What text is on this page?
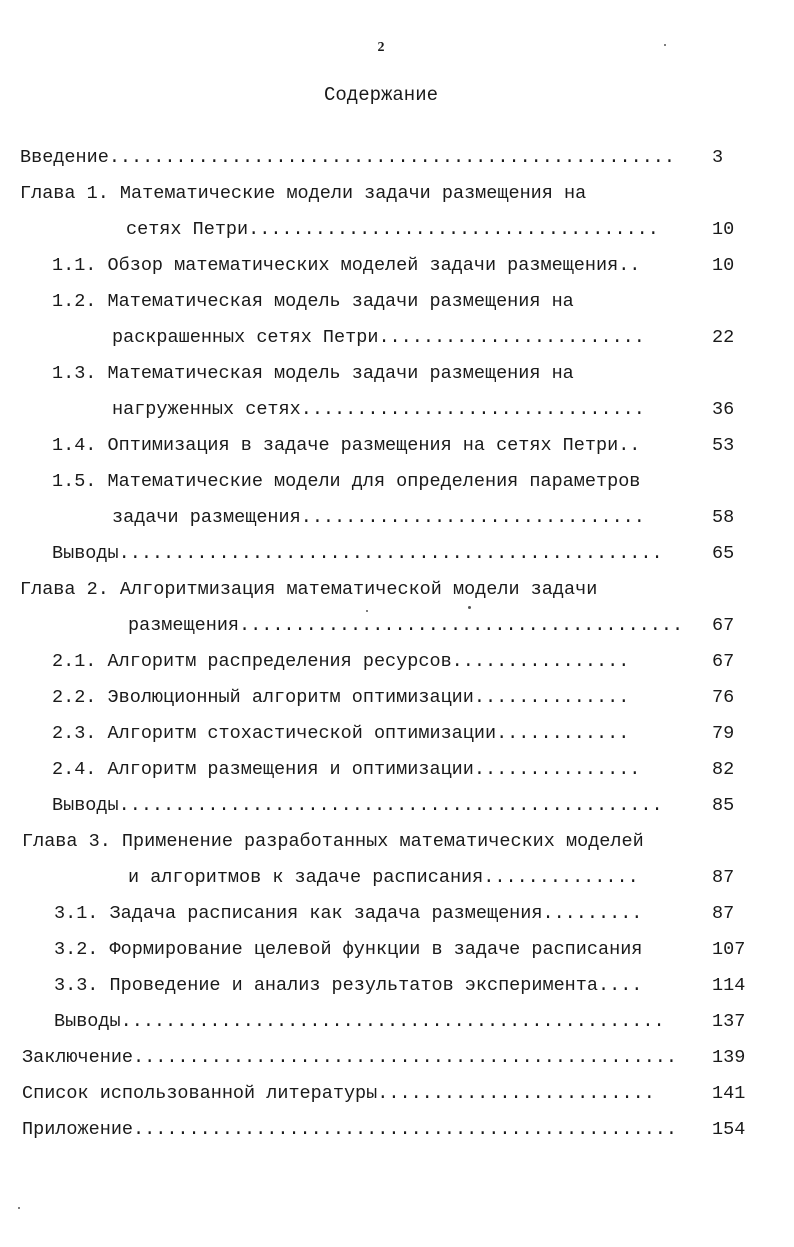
2
Содержание
Введение...................................................	3
Глава 1. Математические модели задачи размещения на
сетях Петри.....................................	10
1.1. Обзор математических моделей задачи размещения..	10
1.2. Математическая модель задачи размещения на
раскрашенных сетях Петри........................	22
1.3. Математическая модель задачи размещения на
нагруженных сетях...............................	36
1.4. Оптимизация в задаче размещения на сетях Петри..	53
1.5. Математические модели для определения параметров
задачи размещения...............................	58
Выводы.................................................	65
Глава 2. Алгоритмизация математической модели задачи
размещения........................................	67
2.1. Алгоритм распределения ресурсов................	67
2.2. Эволюционный алгоритм оптимизации..............	76
2.3. Алгоритм стохастической оптимизации............	79
2.4. Алгоритм размещения и оптимизации...............	82
Выводы.................................................	85
Глава 3. Применение разработанных математических моделей
и алгоритмов к задаче расписания..............	87
3.1. Задача расписания как задача размещения.........	87
3.2. Формирование целевой функции в задаче расписания	107
3.3. Проведение и анализ результатов эксперимента....	114
Выводы.................................................	137
Заключение.................................................	139
Список использованной литературы.........................	141
Приложение.................................................	154
